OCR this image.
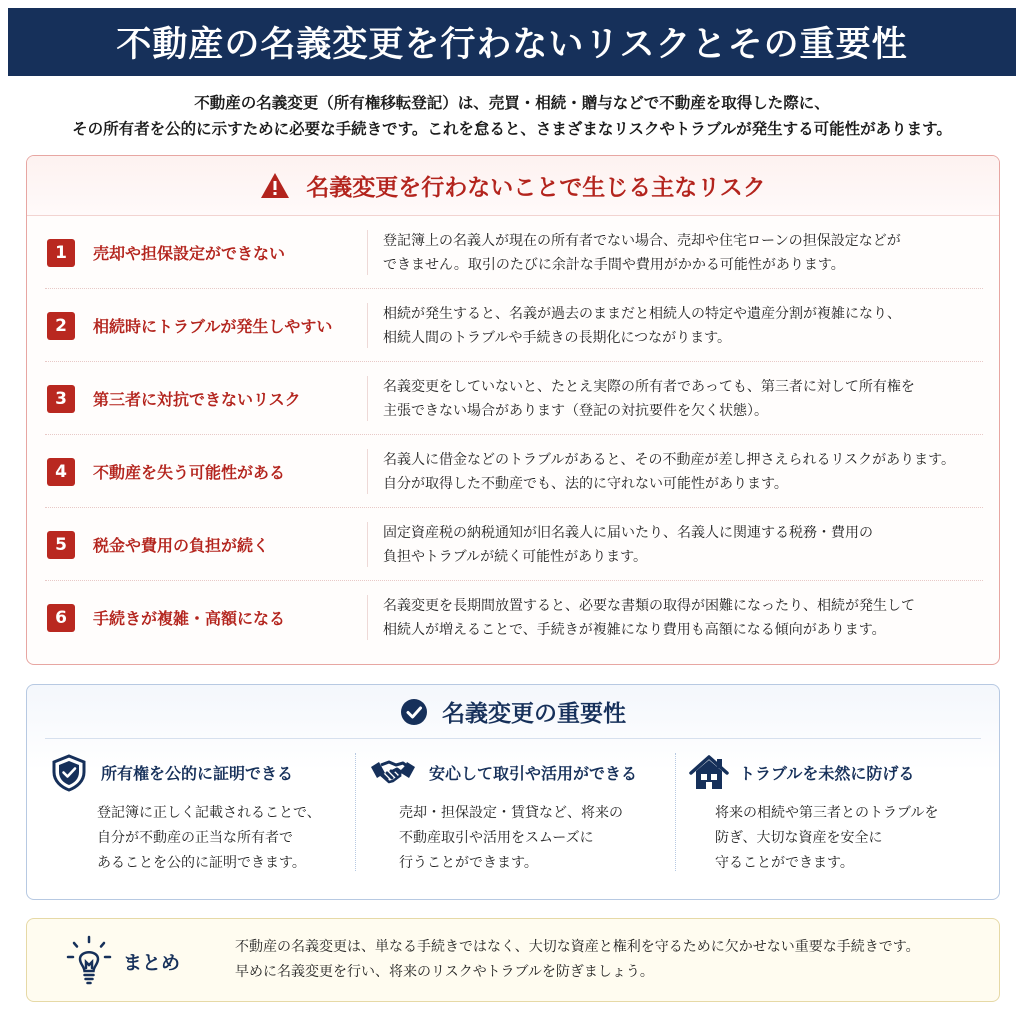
不動産の名義変更を行わないリスクとその重要性
不動産の名義変更（所有権移転登記）は、売買・相続・贈与などで不動産を取得した際に、
その所有者を公的に示すために必要な手続きです。これを怠ると、さまざまなリスクやトラブルが発生する可能性があります。
名義変更を行わないことで生じる主なリスク
1	売却や担保設定ができない
登記簿上の名義人が現在の所有者でない場合、売却や住宅ローンの担保設定などが
できません。取引のたびに余計な手間や費用がかかる可能性があります。
2	相続時にトラブルが発生しやすい
相続が発生すると、名義が過去のままだと相続人の特定や遺産分割が複雑になり、
相続人間のトラブルや手続きの長期化につながります。
3	第三者に対抗できないリスク
名義変更をしていないと、たとえ実際の所有者であっても、第三者に対して所有権を
主張できない場合があります（登記の対抗要件を欠く状態）。
4	不動産を失う可能性がある
名義人に借金などのトラブルがあると、その不動産が差し押さえられるリスクがあります。
自分が取得した不動産でも、法的に守れない可能性があります。
5	税金や費用の負担が続く
固定資産税の納税通知が旧名義人に届いたり、名義人に関連する税務・費用の
負担やトラブルが続く可能性があります。
6	手続きが複雑・高額になる
名義変更を長期間放置すると、必要な書類の取得が困難になったり、相続が発生して
相続人が増えることで、手続きが複雑になり費用も高額になる傾向があります。
名義変更の重要性
所有権を公的に証明できる
登記簿に正しく記載されることで、
自分が不動産の正当な所有者で
あることを公的に証明できます。
安心して取引や活用ができる
売却・担保設定・賃貸など、将来の
不動産取引や活用をスムーズに
行うことができます。
トラブルを未然に防げる
将来の相続や第三者とのトラブルを
防ぎ、大切な資産を安全に
守ることができます。
まとめ
不動産の名義変更は、単なる手続きではなく、大切な資産と権利を守るために欠かせない重要な手続きです。
早めに名義変更を行い、将来のリスクやトラブルを防ぎましょう。
